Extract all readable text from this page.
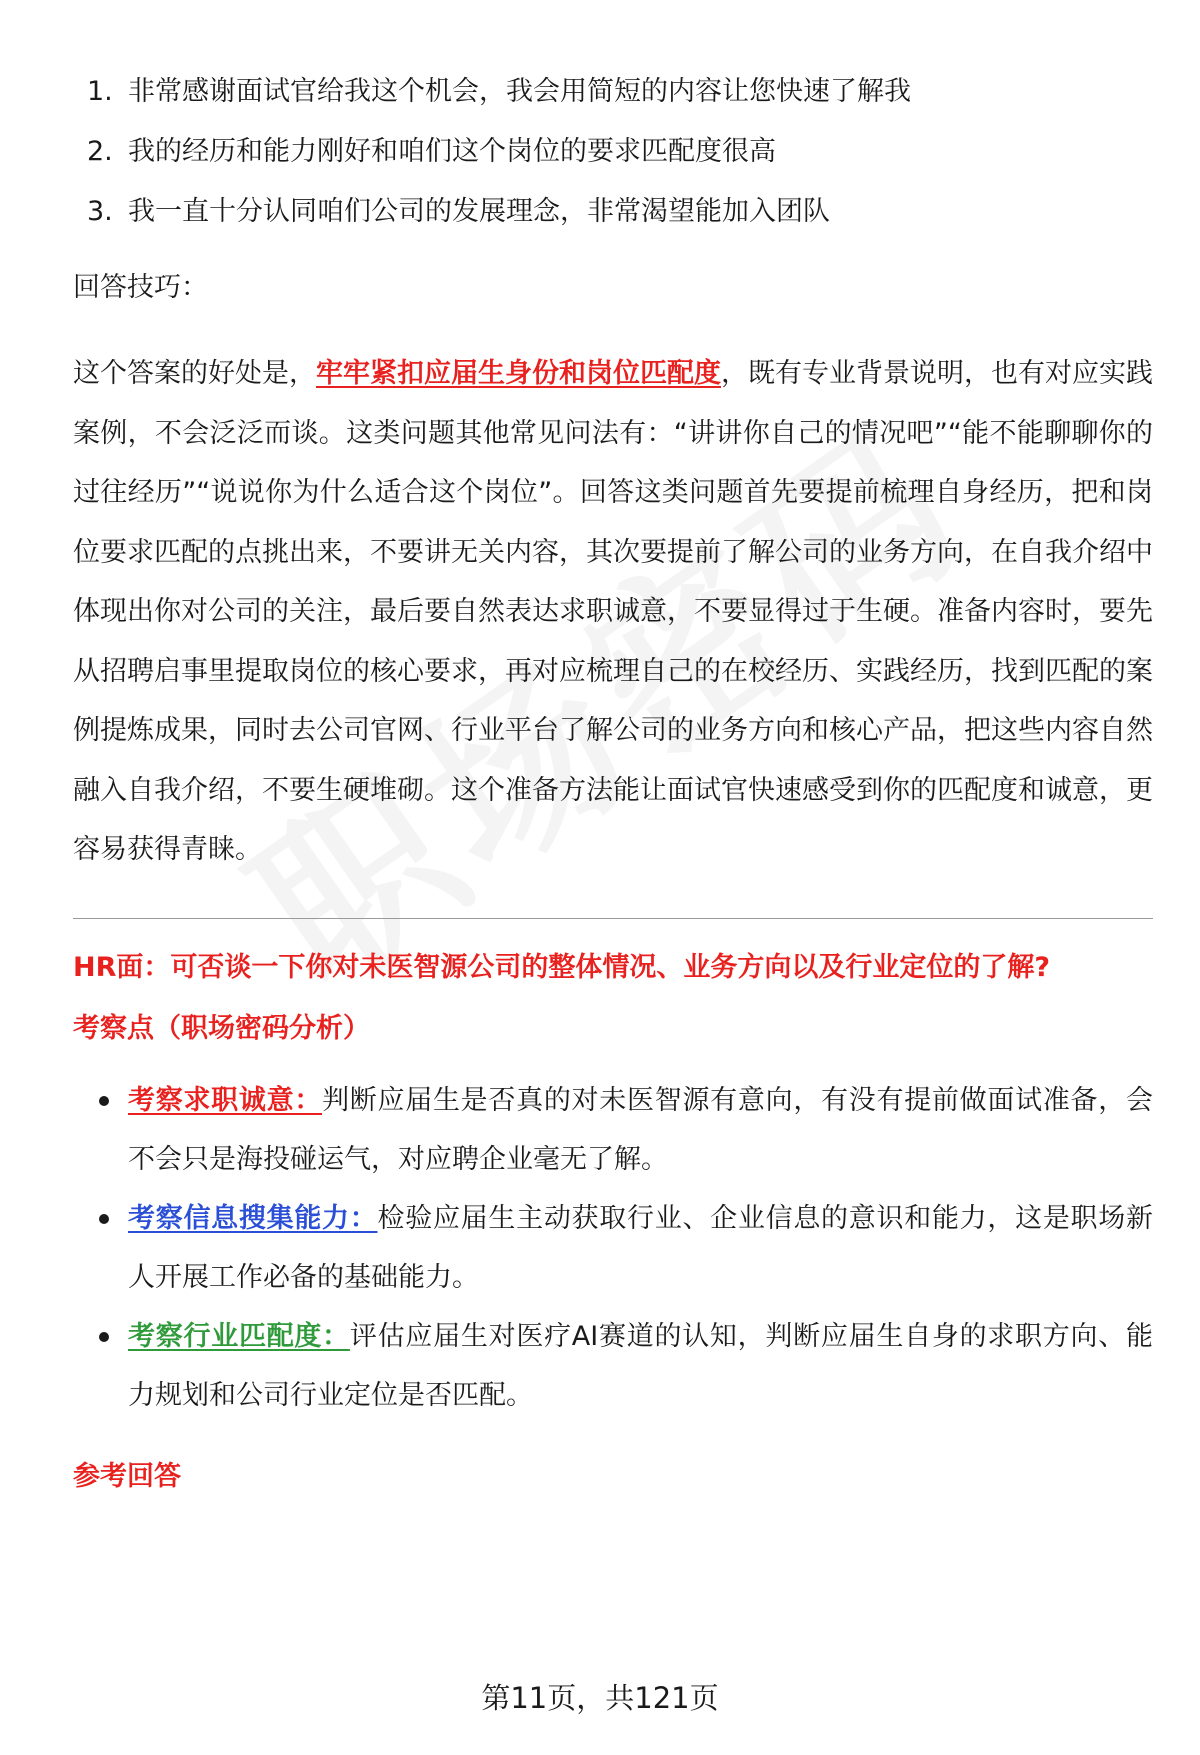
1. 非常感谢面试官给我这个机会，我会用简短的内容让您快速了解我
2. 我的经历和能力刚好和咱们这个岗位的要求匹配度很高
3. 我一直十分认同咱们公司的发展理念，非常渴望能加入团队
回答技巧：
这个答案的好处是，牢牢紧扣应届生身份和岗位匹配度，既有专业背景说明，也有对应实践案例，不会泛泛而谈。这类问题其他常见问法有：“讲讲你自己的情况吧”“能不能聊聊你的过往经历”“说说你为什么适合这个岗位”。回答这类问题首先要提前梳理自身经历，把和岗位要求匹配的点挑出来，不要讲无关内容，其次要提前了解公司的业务方向，在自我介绍中体现出你对公司的关注，最后要自然表达求职诚意，不要显得过于生硬。准备内容时，要先从招聘启事里提取岗位的核心要求，再对应梳理自己的在校经历、实践经历，找到匹配的案例提炼成果，同时去公司官网、行业平台了解公司的业务方向和核心产品，把这些内容自然融入自我介绍，不要生硬堆砌。这个准备方法能让面试官快速感受到你的匹配度和诚意，更容易获得青睐。
HR面：可否谈一下你对未医智源公司的整体情况、业务方向以及行业定位的了解?
考察点（职场密码分析）
考察求职诚意：判断应届生是否真的对未医智源有意向，有没有提前做面试准备，会不会只是海投碰运气，对应聘企业毫无了解。
考察信息搜集能力：检验应届生主动获取行业、企业信息的意识和能力，这是职场新人开展工作必备的基础能力。
考察行业匹配度：评估应届生对医疗AI赛道的认知，判断应届生自身的求职方向、能力规划和公司行业定位是否匹配。
参考回答
第11页，共121页
